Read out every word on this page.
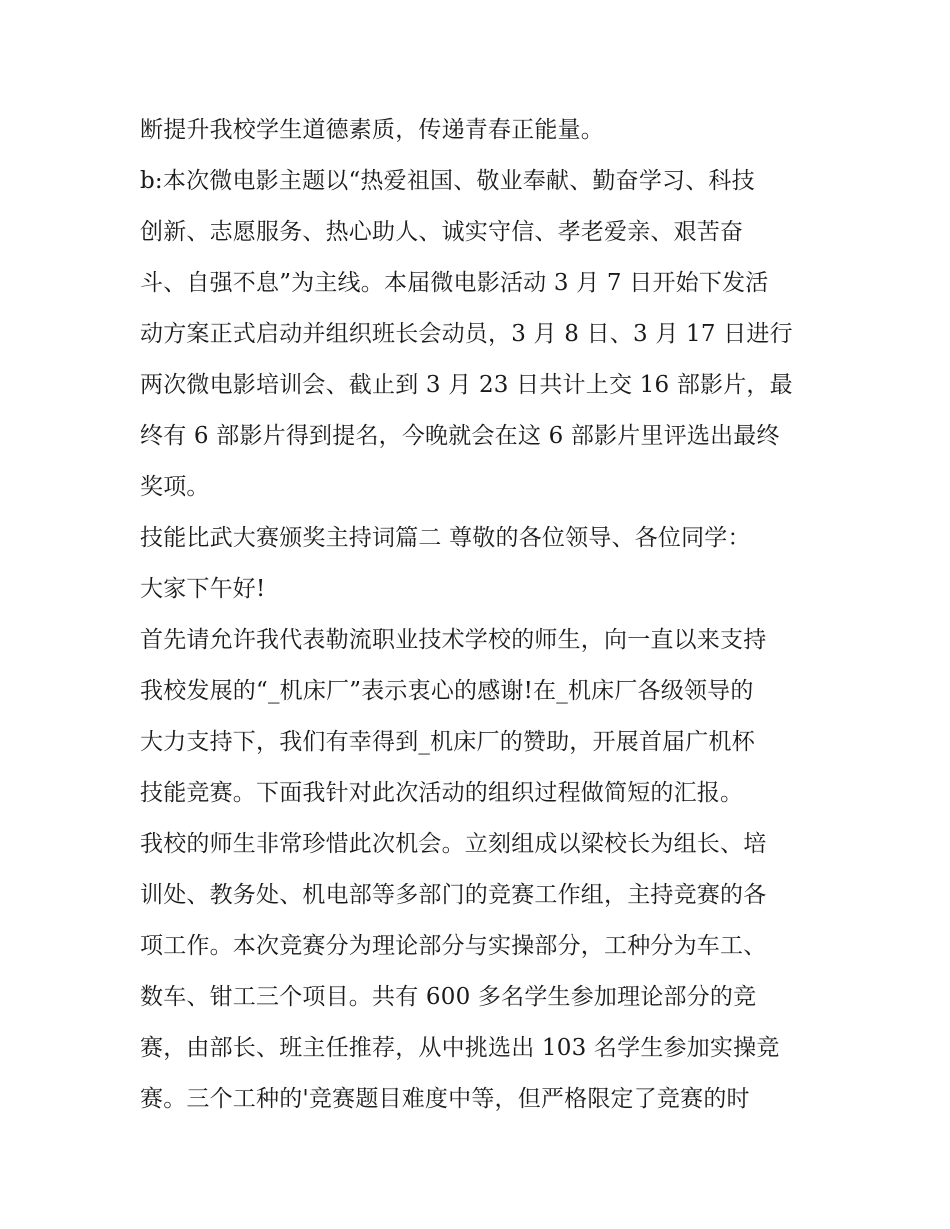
断提升我校学生道德素质，传递青春正能量。
b:本次微电影主题以“热爱祖国、敬业奉献、勤奋学习、科技
创新、志愿服务、热心助人、诚实守信、孝老爱亲、艰苦奋
斗、自强不息”为主线。本届微电影活动 3 月 7 日开始下发活
动方案正式启动并组织班长会动员，3 月 8 日、3 月 17 日进行
两次微电影培训会、截止到 3 月 23 日共计上交 16 部影片，最
终有 6 部影片得到提名，今晚就会在这 6 部影片里评选出最终
奖项。
技能比武大赛颁奖主持词篇二 尊敬的各位领导、各位同学：
大家下午好!
首先请允许我代表勒流职业技术学校的师生，向一直以来支持
我校发展的“_机床厂”表示衷心的感谢!在_机床厂各级领导的
大力支持下，我们有幸得到_机床厂的赞助，开展首届广机杯
技能竞赛。下面我针对此次活动的组织过程做简短的汇报。
我校的师生非常珍惜此次机会。立刻组成以梁校长为组长、培
训处、教务处、机电部等多部门的竞赛工作组，主持竞赛的各
项工作。本次竞赛分为理论部分与实操部分，工种分为车工、
数车、钳工三个项目。共有 600 多名学生参加理论部分的竞
赛，由部长、班主任推荐，从中挑选出 103 名学生参加实操竞
赛。三个工种的'竞赛题目难度中等，但严格限定了竞赛的时
